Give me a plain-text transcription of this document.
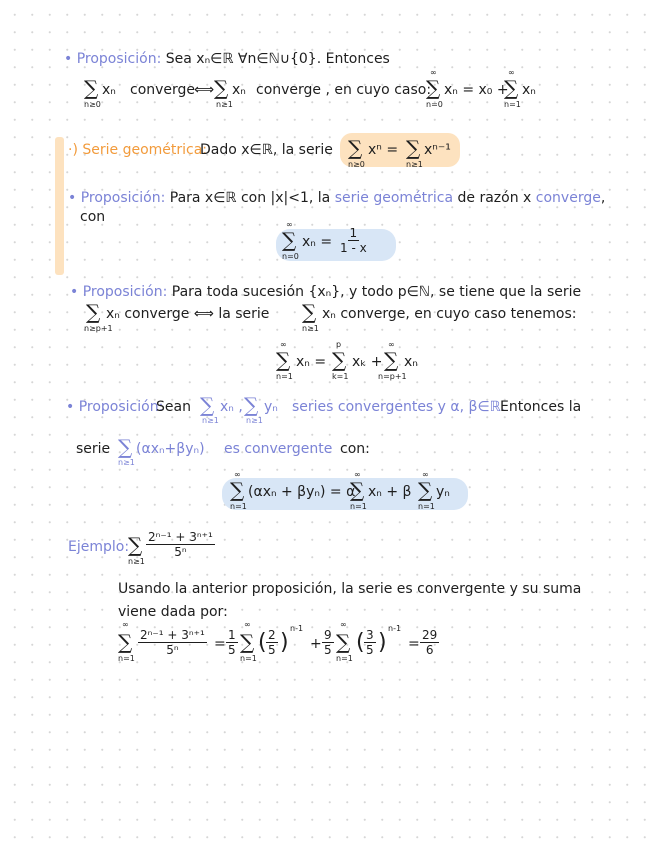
• Proposición: Sea xₙ∈ℝ ∀n∈ℕ∪{0}. Entonces
∑
n≥0
xₙ converge
⟺ ∑
n≥1
xₙ converge , en cuyo caso:
∞
∑
n=0
xₙ = x₀ +
∞
∑
n=1
xₙ
·) Serie geométrica:
Dado x∈ℝ, la serie ∑
n≥0
xⁿ = ∑
n≥1
xⁿ⁻¹
• Proposición: Para x∈ℝ con |x|<1, la serie geométrica de razón x converge,
con	∞
∑
n=0
$x_n = \frac{1}{1 - x}$
• Proposición: Para toda sucesión {xₙ}, y todo p∈ℕ, se tiene que la serie
∑
n≥p+1
xₙ converge ⟺ la serie ∑
n≥1
xₙ converge, en cuyo caso tenemos:
∞
∑
n=1
xₙ =
p
∑
k=1
xₖ +
∞
∑
n=p+1
xₙ
• Proposición:
Sean ∑
n≥1
xₙ , ∑
n≥1
yₙ series convergentes y α, β∈ℝ.
Entonces la
serie ∑
n≥1
(αxₙ+βyₙ) es convergente con:
∞
∑
n=1
(αxₙ + βyₙ) = α
∞
∑
n=1
xₙ + β
∞
∑
n=1
yₙ
Ejemplo:
∑
n≥1
$\frac{\text{2ⁿ⁻¹ + 3ⁿ⁺¹}}{\text{5ⁿ}}$
Usando la anterior proposición, la serie es convergente y su suma
viene dada por:
∞
∑
n=1
$\frac{\text{2ⁿ⁻¹ + 3ⁿ⁺¹}}{\text{5ⁿ}} = \frac{1}{5}$
∞
∑
n=1
( $\frac{2}{5}$ )
n-1
+ $\frac{9}{5}$
∞
∑
n=1
( $\frac{3}{5}$ )
n-1
= $\frac{29}{6}$
